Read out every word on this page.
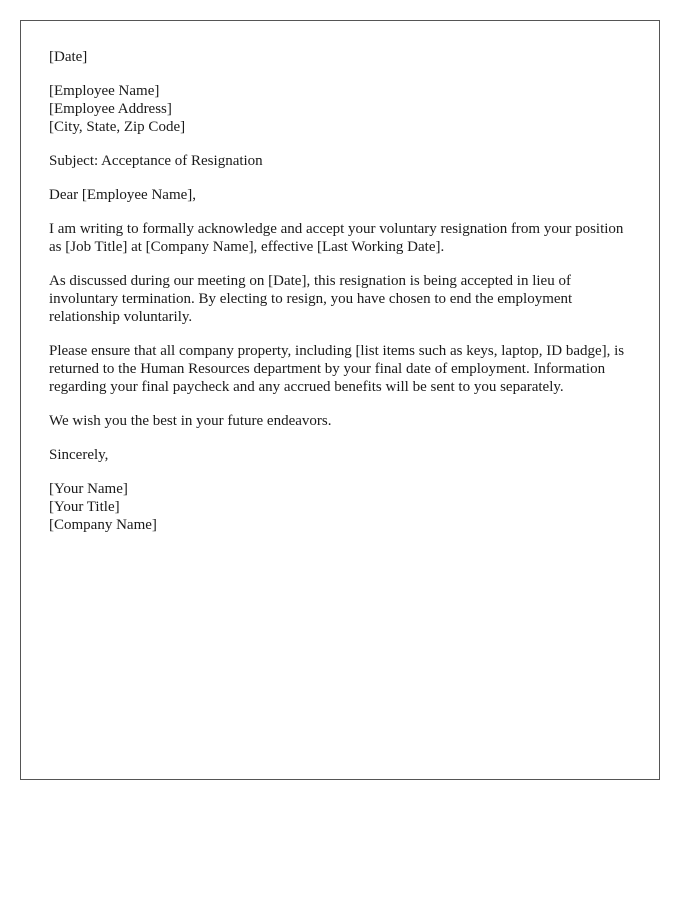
[Date]
[Employee Name]
[Employee Address]
[City, State, Zip Code]
Subject: Acceptance of Resignation
Dear [Employee Name],

I am writing to formally acknowledge and accept your voluntary resignation from your position as [Job Title] at [Company Name], effective [Last Working Date].

As discussed during our meeting on [Date], this resignation is being accepted in lieu of involuntary termination. By electing to resign, you have chosen to end the employment relationship voluntarily.

Please ensure that all company property, including [list items such as keys, laptop, ID badge], is returned to the Human Resources department by your final date of employment. Information regarding your final paycheck and any accrued benefits will be sent to you separately.

We wish you the best in your future endeavors.

Sincerely,
[Your Name]
[Your Title]
[Company Name]
